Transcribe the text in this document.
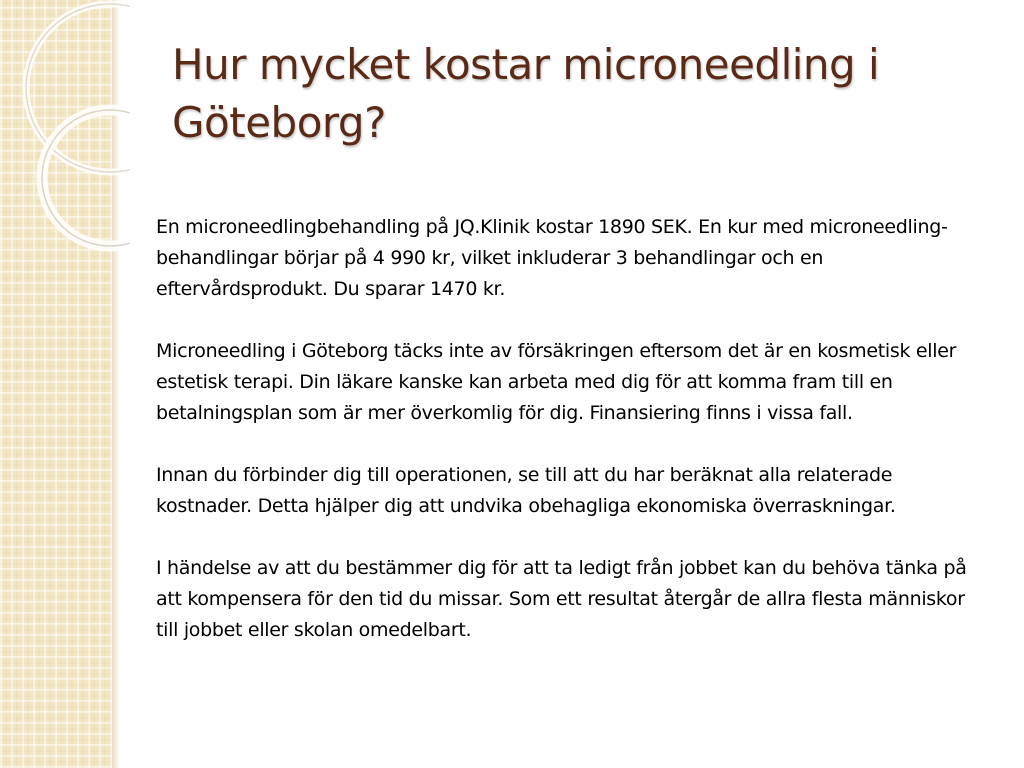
Hur mycket kostar microneedling i Göteborg?

En microneedlingbehandling på JQ.Klinik kostar 1890 SEK. En kur med microneedling-behandlingar börjar på 4 990 kr, vilket inkluderar 3 behandlingar och en eftervårdsprodukt. Du sparar 1470 kr.

Microneedling i Göteborg täcks inte av försäkringen eftersom det är en kosmetisk eller estetisk terapi. Din läkare kanske kan arbeta med dig för att komma fram till en betalningsplan som är mer överkomlig för dig. Finansiering finns i vissa fall.

Innan du förbinder dig till operationen, se till att du har beräknat alla relaterade kostnader. Detta hjälper dig att undvika obehagliga ekonomiska överraskningar.

I händelse av att du bestämmer dig för att ta ledigt från jobbet kan du behöva tänka på att kompensera för den tid du missar. Som ett resultat återgår de allra flesta människor till jobbet eller skolan omedelbart.
